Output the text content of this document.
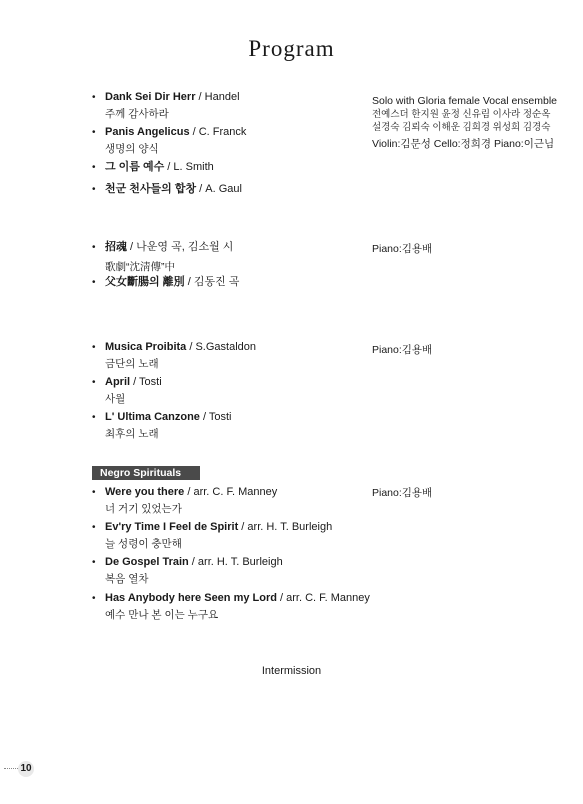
Program
• Dank Sei Dir Herr / Handel
주께 감사하라
• Panis Angelicus / C. Franck
생명의 양식
• 그 이름 예수 / L. Smith
• 천군 천사들의 합창 / A. Gaul
Solo with Gloria female Vocal ensemble
전예스더 한지원 윤정 신유림 이사라 정순옥
설경숙 김뢰숙 이해운 김희경 위성희 김경숙
Violin:김문성 Cello:정희경 Piano:이근님
• 招魂 / 나운영 곡, 김소월 시
歌劇“沈淸傳”中
• 父女斷腸의 離別 / 김동진 곡
Piano:김용배
• Musica Proibita / S.Gastaldon
금단의 노래
• April / Tosti
사월
• L' Ultima Canzone / Tosti
최후의 노래
Piano:김용배
Negro Spirituals
• Were you there / arr. C. F. Manney
너 거기 있었는가
• Ev'ry Time I Feel de Spirit / arr. H. T. Burleigh
늘 성령이 충만해
• De Gospel Train / arr. H. T. Burleigh
복음 열차
• Has Anybody here Seen my Lord / arr. C. F. Manney
예수 만나 본 이는 누구요
Piano:김용배
Intermission
10
